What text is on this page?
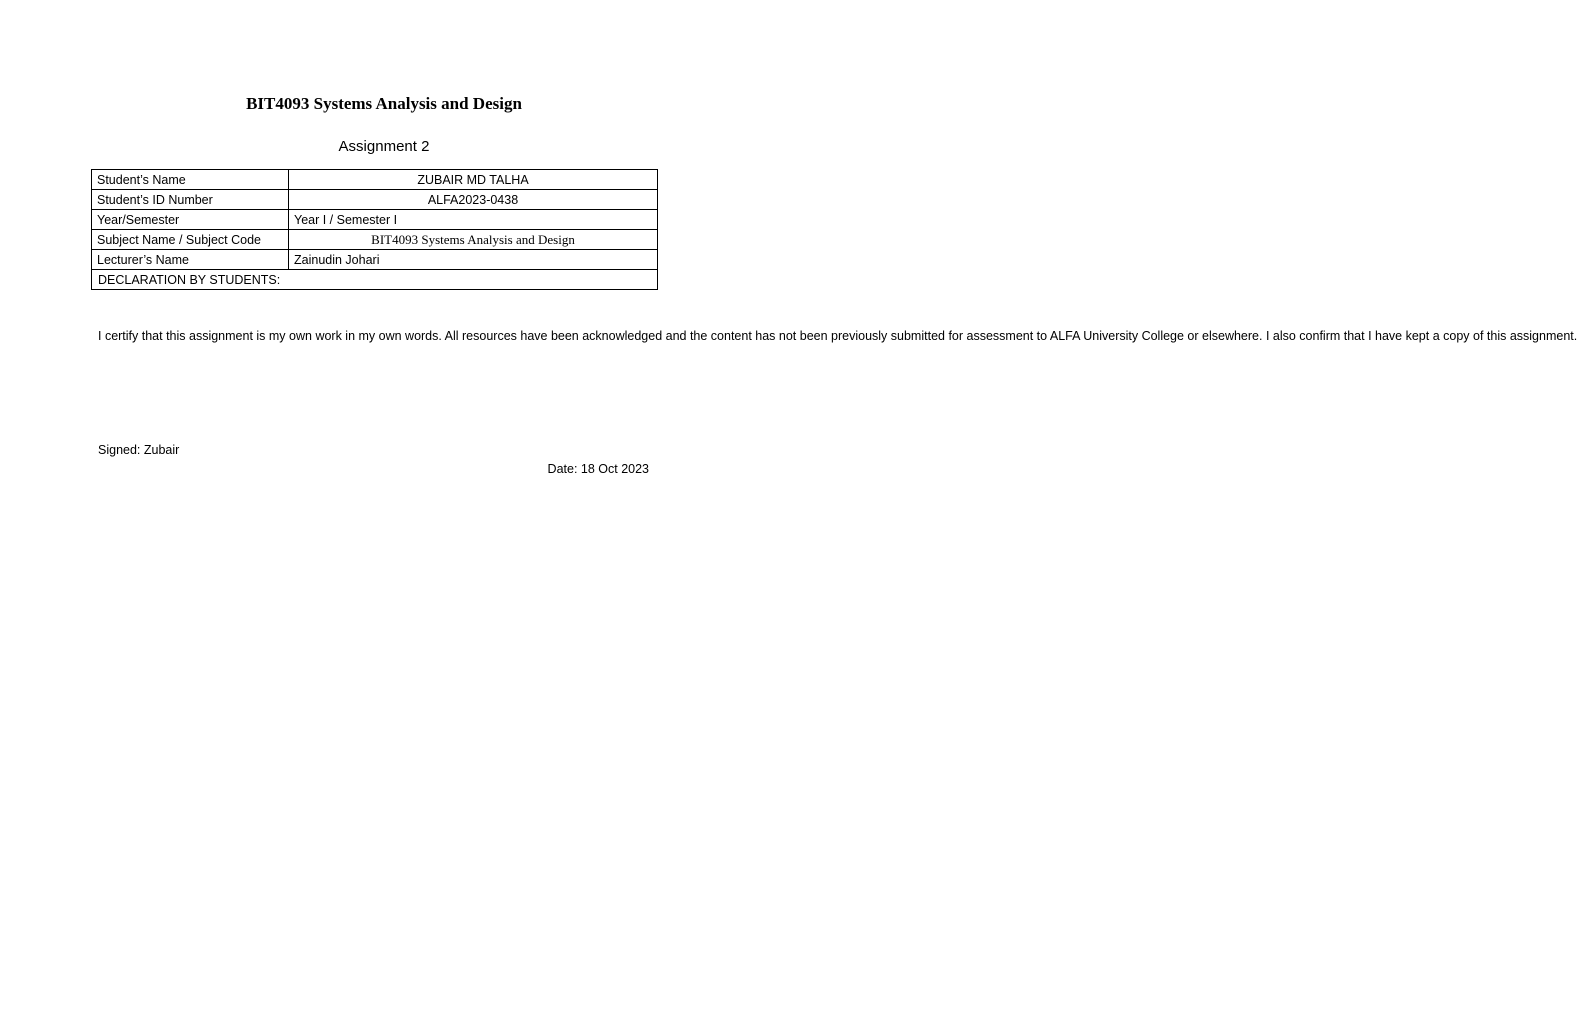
BIT4093 Systems Analysis and Design
Assignment 2
Student’s Name	ZUBAIR MD TALHA
Student’s ID Number	ALFA2023-0438
Year/Semester	Year I / Semester I
Subject Name / Subject Code	BIT4093 Systems Analysis and Design
Lecturer’s Name	Zainudin Johari

DECLARATION BY STUDENTS:
I certify that this assignment is my own work in my own words. All resources have been acknowledged and the content has not been previously submitted for assessment to ALFA University College or elsewhere. I also confirm that I have kept a copy of this assignment.
Signed: Zubair
Date: 18 Oct 2023	
